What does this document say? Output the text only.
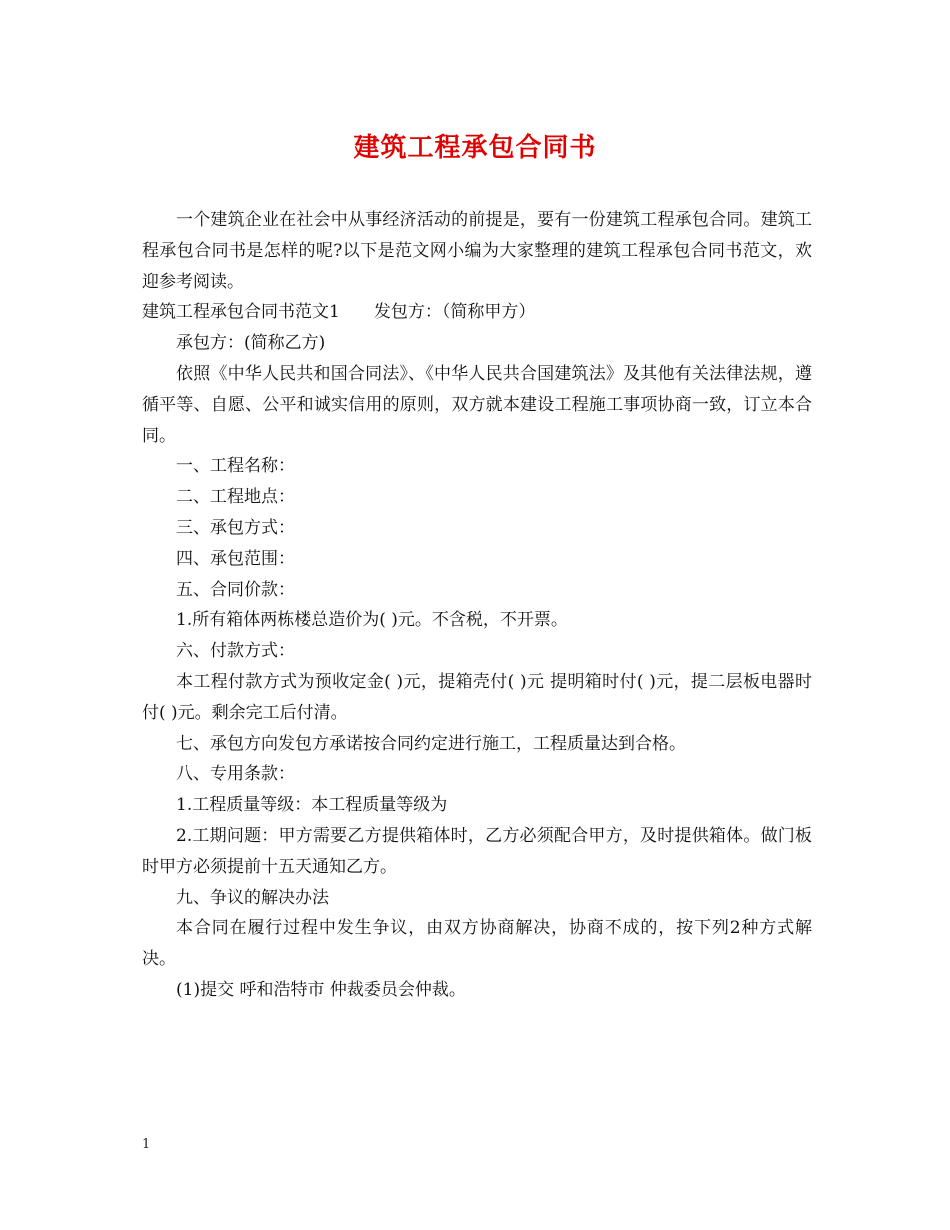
建筑工程承包合同书

一个建筑企业在社会中从事经济活动的前提是，要有一份建筑工程承包合同。建筑工程承包合同书是怎样的呢?以下是范文网小编为大家整理的建筑工程承包合同书范文，欢迎参考阅读。

建筑工程承包合同书范文1 发包方：（简称甲方）

承包方：(简称乙方)

依照《中华人民共和国合同法》、《中华人民共合国建筑法》及其他有关法律法规，遵循平等、自愿、公平和诚实信用的原则，双方就本建设工程施工事项协商一致，订立本合同。

一、工程名称：

二、工程地点：

三、承包方式：

四、承包范围：

五、合同价款：

1.所有箱体两栋楼总造价为( )元。不含税，不开票。

六、付款方式：

本工程付款方式为预收定金( )元，提箱壳付( )元 提明箱时付( )元，提二层板电器时付( )元。剩余完工后付清。

七、承包方向发包方承诺按合同约定进行施工，工程质量达到合格。

八、专用条款：

1.工程质量等级：本工程质量等级为

2.工期问题：甲方需要乙方提供箱体时，乙方必须配合甲方，及时提供箱体。做门板时甲方必须提前十五天通知乙方。

九、争议的解决办法

本合同在履行过程中发生争议，由双方协商解决，协商不成的，按下列2种方式解决。

(1)提交 呼和浩特市 仲裁委员会仲裁。

1
